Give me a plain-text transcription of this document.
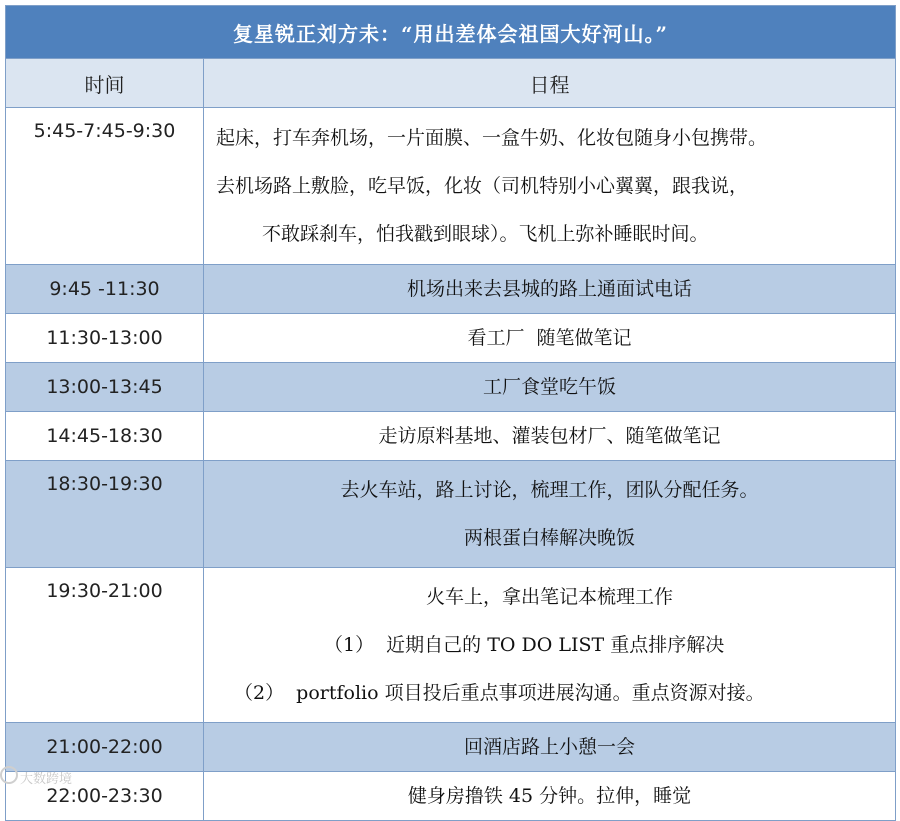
复星锐正刘方未：“用出差体会祖国大好河山。”	
时间	日程
5:45-7:45-9:30	起床，打车奔机场，一片面膜、一盒牛奶、化妆包随身小包携带。
去机场路上敷脸，吃早饭，化妆（司机特别小心翼翼，跟我说，
不敢踩刹车，怕我戳到眼球）。飞机上弥补睡眠时间。

9:45 -11:30	机场出来去县城的路上通面试电话

11:30-13:00	看工厂  随笔做笔记

13:00-13:45	工厂食堂吃午饭

14:45-18:30	走访原料基地、灌装包材厂、随笔做笔记

18:30-19:30	去火车站，路上讨论，梳理工作，团队分配任务。
两根蛋白棒解决晚饭

19:30-21:00	火车上，拿出笔记本梳理工作
（1）  近期自己的 TO DO LIST 重点排序解决
（2）  portfolio 项目投后重点事项进展沟通。重点资源对接。

21:00-22:00	回酒店路上小憩一会

22:00-23:30	健身房撸铁 45 分钟。拉伸，睡觉
大数跨境
